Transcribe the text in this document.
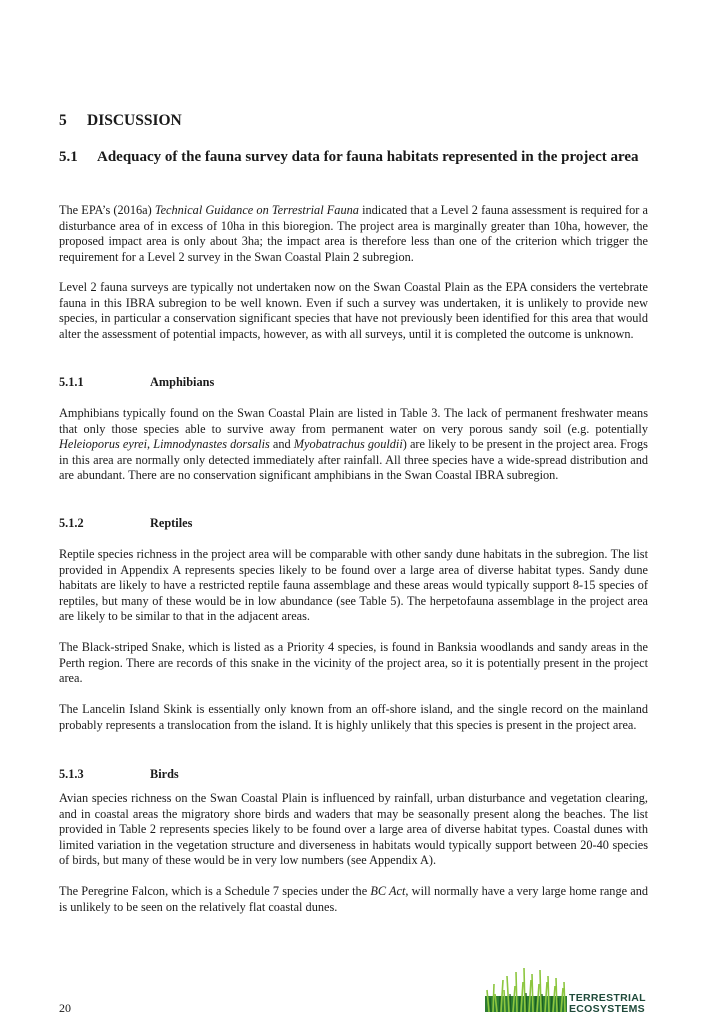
5 DISCUSSION
5.1	Adequacy of the fauna survey data for fauna habitats represented in the project area

The EPA’s (2016a) Technical Guidance on Terrestrial Fauna indicated that a Level 2 fauna assessment is required for a disturbance area of in excess of 10ha in this bioregion. The project area is marginally greater than 10ha, however, the proposed impact area is only about 3ha; the impact area is therefore less than one of the criterion which trigger the requirement for a Level 2 survey in the Swan Coastal Plain 2 subregion.

Level 2 fauna surveys are typically not undertaken now on the Swan Coastal Plain as the EPA considers the vertebrate fauna in this IBRA subregion to be well known. Even if such a survey was undertaken, it is unlikely to provide new species, in particular a conservation significant species that have not previously been identified for this area that would alter the assessment of potential impacts, however, as with all surveys, until it is completed the outcome is unknown.

5.1.1	Amphibians

Amphibians typically found on the Swan Coastal Plain are listed in Table 3. The lack of permanent freshwater means that only those species able to survive away from permanent water on very porous sandy soil (e.g. potentially Heleioporus eyrei, Limnodynastes dorsalis and Myobatrachus gouldii) are likely to be present in the project area. Frogs in this area are normally only detected immediately after rainfall. All three species have a wide-spread distribution and are abundant. There are no conservation significant amphibians in the Swan Coastal IBRA subregion.

5.1.2	Reptiles

Reptile species richness in the project area will be comparable with other sandy dune habitats in the subregion. The list provided in Appendix A represents species likely to be found over a large area of diverse habitat types. Sandy dune habitats are likely to have a restricted reptile fauna assemblage and these areas would typically support 8-15 species of reptiles, but many of these would be in low abundance (see Table 5). The herpetofauna assemblage in the project area are likely to be similar to that in the adjacent areas.

The Black-striped Snake, which is listed as a Priority 4 species, is found in Banksia woodlands and sandy areas in the Perth region. There are records of this snake in the vicinity of the project area, so it is potentially present in the project area.

The Lancelin Island Skink is essentially only known from an off-shore island, and the single record on the mainland probably represents a translocation from the island. It is highly unlikely that this species is present in the project area.

5.1.3	Birds

Avian species richness on the Swan Coastal Plain is influenced by rainfall, urban disturbance and vegetation clearing, and in coastal areas the migratory shore birds and waders that may be seasonally present along the beaches. The list provided in Table 2 represents species likely to be found over a large area of diverse habitat types. Coastal dunes with limited variation in the vegetation structure and diverseness in habitats would typically support between 20-40 species of birds, but many of these would be in very low numbers (see Appendix A).

The Peregrine Falcon, which is a Schedule 7 species under the BC Act, will normally have a very large home range and is unlikely to be seen on the relatively flat coastal dunes.

20
TERRESTRIAL
ECOSYSTEMS
